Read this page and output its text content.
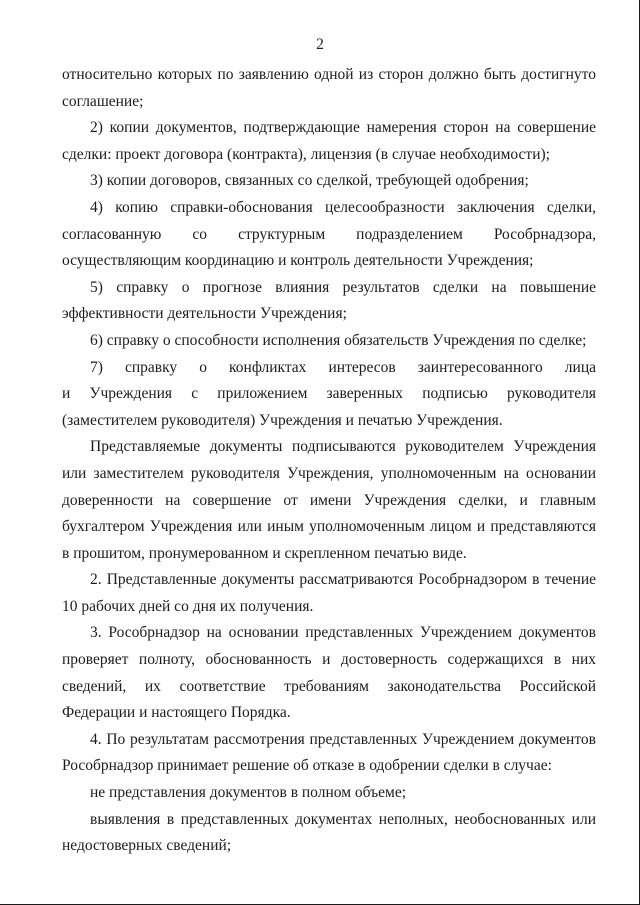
2

относительно которых по заявлению одной из сторон должно быть достигнуто соглашение;

2) копии документов, подтверждающие намерения сторон на совершение сделки: проект договора (контракта), лицензия (в случае необходимости);

3) копии договоров, связанных со сделкой, требующей одобрения;

4) копию справки-обоснования целесообразности заключения сделки, согласованную со структурным подразделением Рособрнадзора, осуществляющим координацию и контроль деятельности Учреждения;

5) справку о прогнозе влияния результатов сделки на повышение эффективности деятельности Учреждения;

6) справку о способности исполнения обязательств Учреждения по сделке;

7) справку о конфликтах интересов заинтересованного лица

и Учреждения с приложением заверенных подписью руководителя (заместителем руководителя) Учреждения и печатью Учреждения.

Представляемые документы подписываются руководителем Учреждения или заместителем руководителя Учреждения, уполномоченным на основании доверенности на совершение от имени Учреждения сделки, и главным бухгалтером Учреждения или иным уполномоченным лицом и представляются в прошитом, пронумерованном и скрепленном печатью виде.

2. Представленные документы рассматриваются Рособрнадзором в течение 10 рабочих дней со дня их получения.

3. Рособрнадзор на основании представленных Учреждением документов проверяет полноту, обоснованность и достоверность содержащихся в них сведений, их соответствие требованиям законодательства Российской Федерации и настоящего Порядка.

4. По результатам рассмотрения представленных Учреждением документов Рособрнадзор принимает решение об отказе в одобрении сделки в случае:

не представления документов в полном объеме;

выявления в представленных документах неполных, необоснованных или недостоверных сведений;
